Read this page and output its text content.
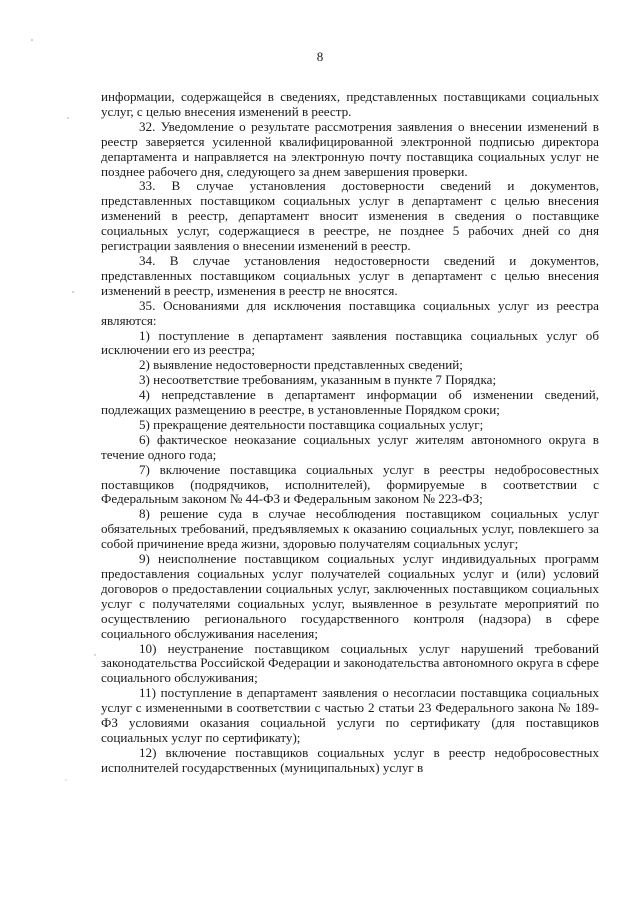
8

информации, содержащейся в сведениях, представленных поставщиками социальных услуг, с целью внесения изменений в реестр.

32. Уведомление о результате рассмотрения заявления о внесении изменений в реестр заверяется усиленной квалифицированной электронной подписью директора департамента и направляется на электронную почту поставщика социальных услуг не позднее рабочего дня, следующего за днем завершения проверки.

33. В случае установления достоверности сведений и документов, представленных поставщиком социальных услуг в департамент с целью внесения изменений в реестр, департамент вносит изменения в сведения о поставщике социальных услуг, содержащиеся в реестре, не позднее 5 рабочих дней со дня регистрации заявления о внесении изменений в реестр.

34. В случае установления недостоверности сведений и документов, представленных поставщиком социальных услуг в департамент с целью внесения изменений в реестр, изменения в реестр не вносятся.

35. Основаниями для исключения поставщика социальных услуг из реестра являются:

1) поступление в департамент заявления поставщика социальных услуг об исключении его из реестра;

2) выявление недостоверности представленных сведений;

3) несоответствие требованиям, указанным в пункте 7 Порядка;

4) непредставление в департамент информации об изменении сведений, подлежащих размещению в реестре, в установленные Порядком сроки;

5) прекращение деятельности поставщика социальных услуг;

6) фактическое неоказание социальных услуг жителям автономного округа в течение одного года;

7) включение поставщика социальных услуг в реестры недобросовестных поставщиков (подрядчиков, исполнителей), формируемые в соответствии с Федеральным законом № 44-ФЗ и Федеральным законом № 223-ФЗ;

8) решение суда в случае несоблюдения поставщиком социальных услуг обязательных требований, предъявляемых к оказанию социальных услуг, повлекшего за собой причинение вреда жизни, здоровью получателям социальных услуг;

9) неисполнение поставщиком социальных услуг индивидуальных программ предоставления социальных услуг получателей социальных услуг и (или) условий договоров о предоставлении социальных услуг, заключенных поставщиком социальных услуг с получателями социальных услуг, выявленное в результате мероприятий по осуществлению регионального государственного контроля (надзора) в сфере социального обслуживания населения;

10) неустранение поставщиком социальных услуг нарушений требований законодательства Российской Федерации и законодательства автономного округа в сфере социального обслуживания;

11) поступление в департамент заявления о несогласии поставщика социальных услуг с измененными в соответствии с частью 2 статьи 23 Федерального закона № 189-ФЗ условиями оказания социальной услуги по сертификату (для поставщиков социальных услуг по сертификату);

12) включение поставщиков социальных услуг в реестр недобросовестных исполнителей государственных (муниципальных) услуг в
